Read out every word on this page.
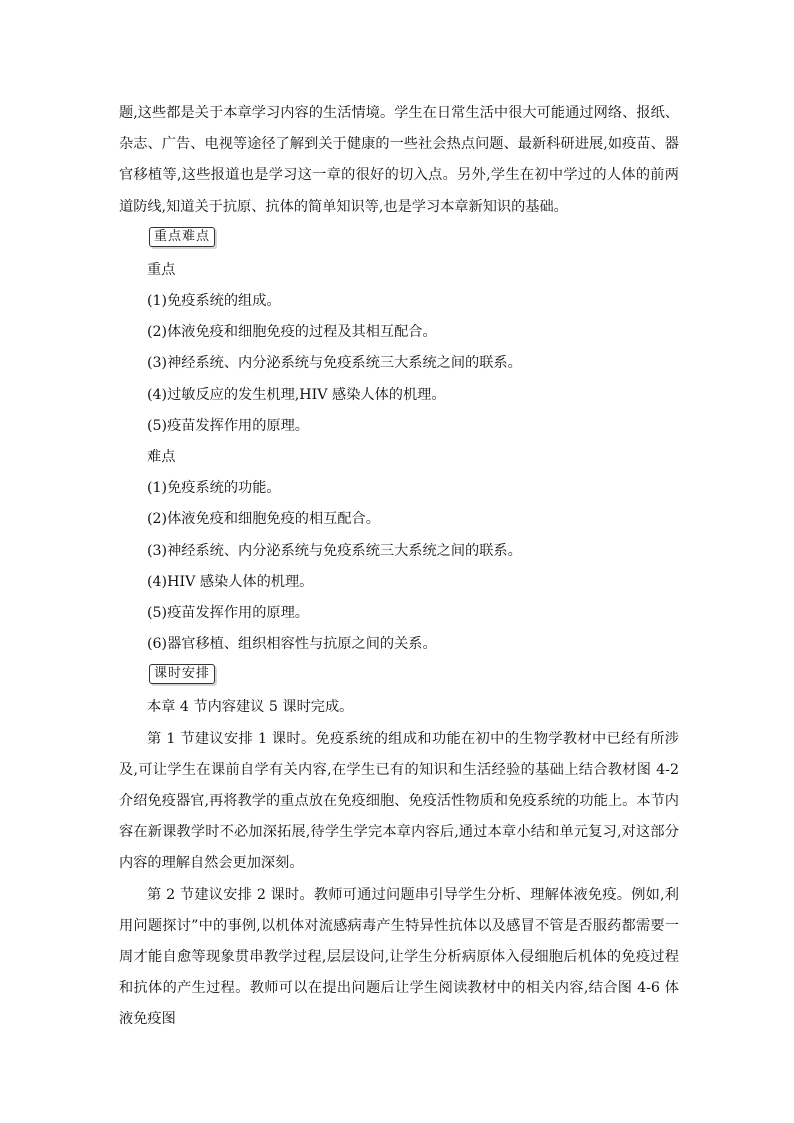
题,这些都是关于本章学习内容的生活情境。学生在日常生活中很大可能通过网络、报纸、杂志、广告、电视等途径了解到关于健康的一些社会热点问题、最新科研进展,如疫苗、器官移植等,这些报道也是学习这一章的很好的切入点。另外,学生在初中学过的人体的前两道防线,知道关于抗原、抗体的简单知识等,也是学习本章新知识的基础。

重点难点

重点

(1)免疫系统的组成。

(2)体液免疫和细胞免疫的过程及其相互配合。

(3)神经系统、内分泌系统与免疫系统三大系统之间的联系。

(4)过敏反应的发生机理,HIV 感染人体的机理。

(5)疫苗发挥作用的原理。

难点

(1)免疫系统的功能。

(2)体液免疫和细胞免疫的相互配合。

(3)神经系统、内分泌系统与免疫系统三大系统之间的联系。

(4)HIV 感染人体的机理。

(5)疫苗发挥作用的原理。

(6)器官移植、组织相容性与抗原之间的关系。

课时安排

本章 4 节内容建议 5 课时完成。

第 1 节建议安排 1 课时。免疫系统的组成和功能在初中的生物学教材中已经有所涉及,可让学生在课前自学有关内容,在学生已有的知识和生活经验的基础上结合教材图 4-2 介绍免疫器官,再将教学的重点放在免疫细胞、免疫活性物质和免疫系统的功能上。本节内容在新课教学时不必加深拓展,待学生学完本章内容后,通过本章小结和单元复习,对这部分内容的理解自然会更加深刻。

第 2 节建议安排 2 课时。教师可通过问题串引导学生分析、理解体液免疫。例如,利用问题探讨”中的事例,以机体对流感病毒产生特异性抗体以及感冒不管是否服药都需要一周才能自愈等现象贯串教学过程,层层设问,让学生分析病原体入侵细胞后机体的免疫过程和抗体的产生过程。教师可以在提出问题后让学生阅读教材中的相关内容,结合图 4-6 体液免疫图
